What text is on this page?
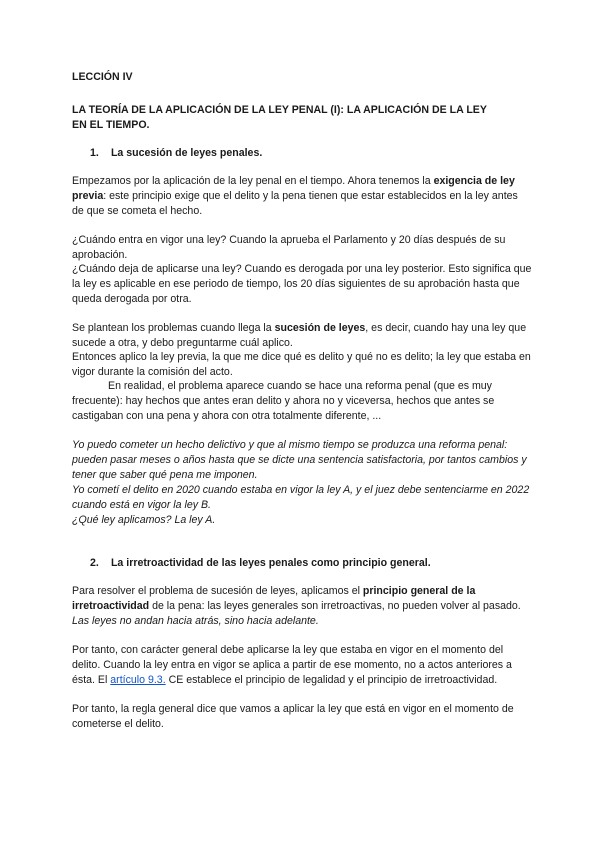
LECCIÓN IV

LA TEORÍA DE LA APLICACIÓN DE LA LEY PENAL (I): LA APLICACIÓN DE LA LEY
EN EL TIEMPO.

1. La sucesión de leyes penales.

Empezamos por la aplicación de la ley penal en el tiempo. Ahora tenemos la exigencia de ley previa: este principio exige que el delito y la pena tienen que estar establecidos en la ley antes de que se cometa el hecho.

¿Cuándo entra en vigor una ley? Cuando la aprueba el Parlamento y 20 días después de su aprobación.

¿Cuándo deja de aplicarse una ley? Cuando es derogada por una ley posterior. Esto significa que la ley es aplicable en ese periodo de tiempo, los 20 días siguientes de su aprobación hasta que queda derogada por otra.

Se plantean los problemas cuando llega la sucesión de leyes, es decir, cuando hay una ley que sucede a otra, y debo preguntarme cuál aplico.

Entonces aplico la ley previa, la que me dice qué es delito y qué no es delito; la ley que estaba en vigor durante la comisión del acto.

En realidad, el problema aparece cuando se hace una reforma penal (que es muy frecuente): hay hechos que antes eran delito y ahora no y viceversa, hechos que antes se castigaban con una pena y ahora con otra totalmente diferente, ...

Yo puedo cometer un hecho delictivo y que al mismo tiempo se produzca una reforma penal: pueden pasar meses o años hasta que se dicte una sentencia satisfactoria, por tantos cambios y tener que saber qué pena me imponen.

Yo cometí el delito en 2020 cuando estaba en vigor la ley A, y el juez debe sentenciarme en 2022 cuando está en vigor la ley B.

¿Qué ley aplicamos? La ley A.

2. La irretroactividad de las leyes penales como principio general.

Para resolver el problema de sucesión de leyes, aplicamos el principio general de la irretroactividad de la pena: las leyes generales son irretroactivas, no pueden volver al pasado. Las leyes no andan hacia atrás, sino hacia adelante.

Por tanto, con carácter general debe aplicarse la ley que estaba en vigor en el momento del delito. Cuando la ley entra en vigor se aplica a partir de ese momento, no a actos anteriores a ésta. El artículo 9.3. CE establece el principio de legalidad y el principio de irretroactividad.

Por tanto, la regla general dice que vamos a aplicar la ley que está en vigor en el momento de cometerse el delito.
